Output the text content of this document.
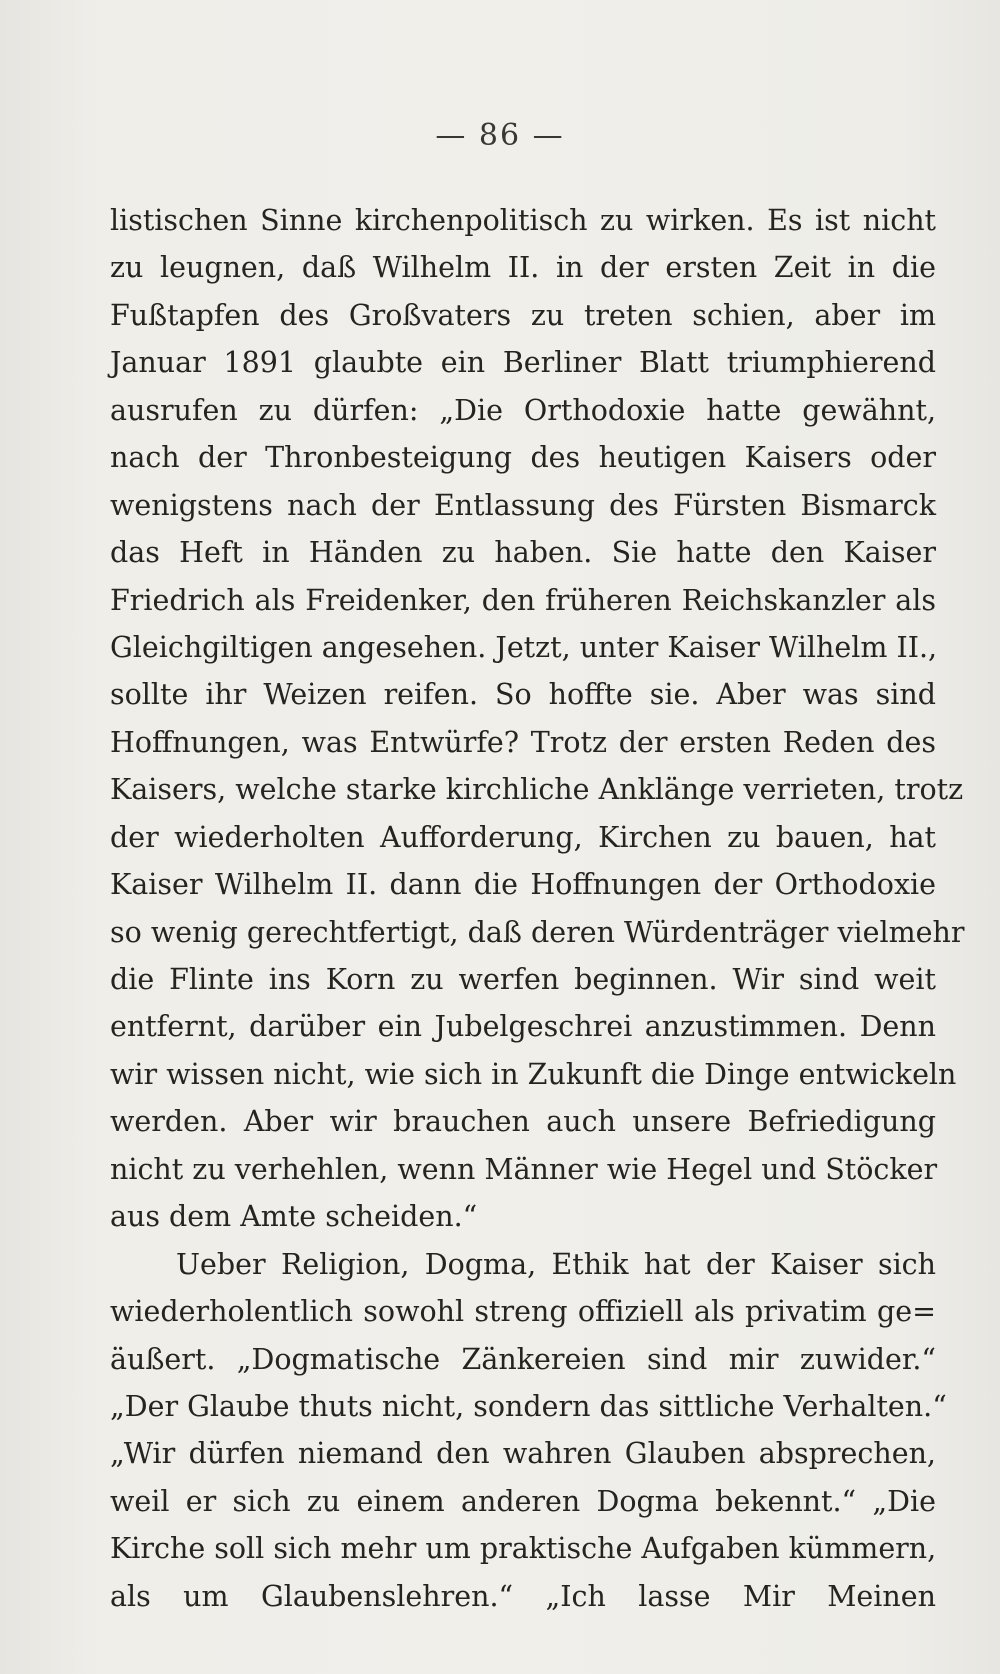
— 86 —
listischen Sinne kirchenpolitisch zu wirken. Es ist nicht
zu leugnen, daß Wilhelm II. in der ersten Zeit in die
Fußtapfen des Großvaters zu treten schien, aber im
Januar 1891 glaubte ein Berliner Blatt triumphierend
ausrufen zu dürfen: „Die Orthodoxie hatte gewähnt,
nach der Thronbesteigung des heutigen Kaisers oder
wenigstens nach der Entlassung des Fürsten Bismarck
das Heft in Händen zu haben. Sie hatte den Kaiser
Friedrich als Freidenker, den früheren Reichskanzler als
Gleichgiltigen angesehen. Jetzt, unter Kaiser Wilhelm II.,
sollte ihr Weizen reifen. So hoffte sie. Aber was sind
Hoffnungen, was Entwürfe? Trotz der ersten Reden des
Kaisers, welche starke kirchliche Anklänge verrieten, trotz
der wiederholten Aufforderung, Kirchen zu bauen, hat
Kaiser Wilhelm II. dann die Hoffnungen der Orthodoxie
so wenig gerechtfertigt, daß deren Würdenträger vielmehr
die Flinte ins Korn zu werfen beginnen. Wir sind weit
entfernt, darüber ein Jubelgeschrei anzustimmen. Denn
wir wissen nicht, wie sich in Zukunft die Dinge entwickeln
werden. Aber wir brauchen auch unsere Befriedigung
nicht zu verhehlen, wenn Männer wie Hegel und Stöcker
aus dem Amte scheiden.“
Ueber Religion, Dogma, Ethik hat der Kaiser sich
wiederholentlich sowohl streng offiziell als privatim ge=
äußert. „Dogmatische Zänkereien sind mir zuwider.“
„Der Glaube thuts nicht, sondern das sittliche Verhalten.“
„Wir dürfen niemand den wahren Glauben absprechen,
weil er sich zu einem anderen Dogma bekennt.“ „Die
Kirche soll sich mehr um praktische Aufgaben kümmern,
als um Glaubenslehren.“ „Ich lasse Mir Meinen
